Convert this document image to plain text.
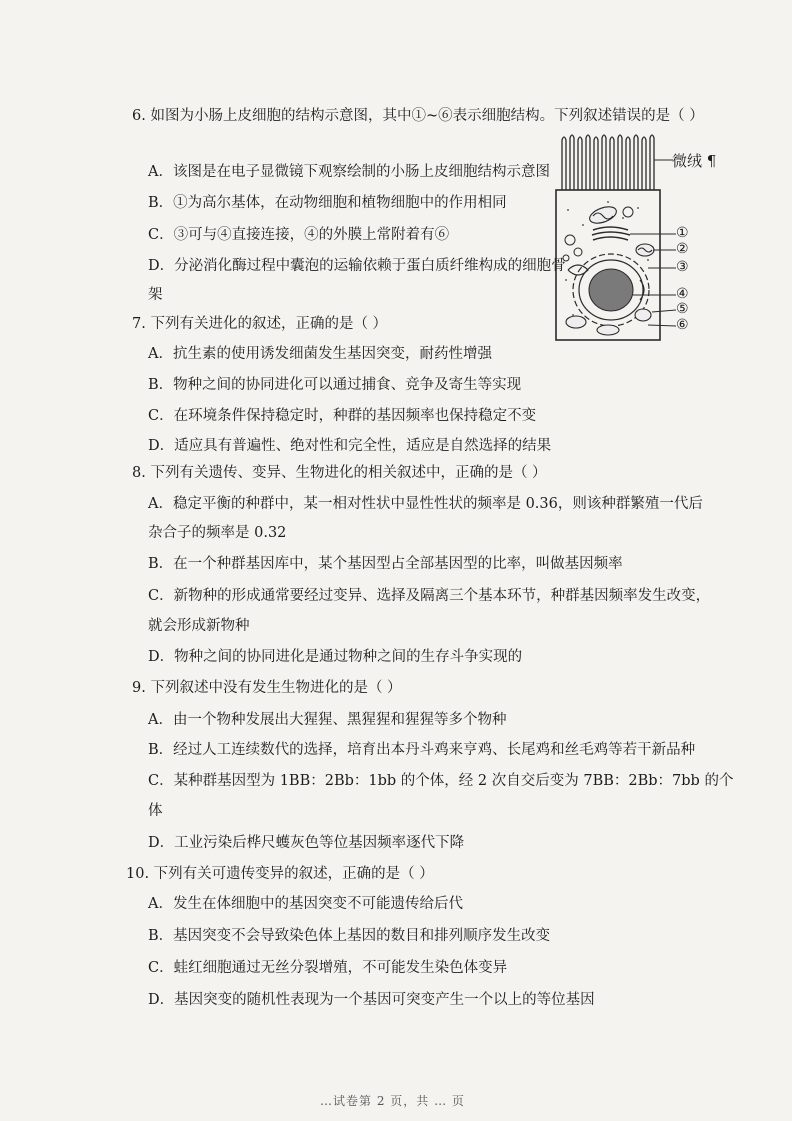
6. 如图为小肠上皮细胞的结构示意图，其中①~⑥表示细胞结构。下列叙述错误的是（ ）
A．该图是在电子显微镜下观察绘制的小肠上皮细胞结构示意图
B．①为高尔基体，在动物细胞和植物细胞中的作用相同
C．③可与④直接连接，④的外膜上常附着有⑥
D．分泌消化酶过程中囊泡的运输依赖于蛋白质纤维构成的细胞骨
架
微绒 ¶
①
②
③
④
⑤
⑥
7. 下列有关进化的叙述，正确的是（ ）
A．抗生素的使用诱发细菌发生基因突变，耐药性增强
B．物种之间的协同进化可以通过捕食、竞争及寄生等实现
C．在环境条件保持稳定时，种群的基因频率也保持稳定不变
D．适应具有普遍性、绝对性和完全性，适应是自然选择的结果
8. 下列有关遗传、变异、生物进化的相关叙述中，正确的是（ ）
A．稳定平衡的种群中，某一相对性状中显性性状的频率是 0.36，则该种群繁殖一代后
杂合子的频率是 0.32
B．在一个种群基因库中，某个基因型占全部基因型的比率，叫做基因频率
C．新物种的形成通常要经过变异、选择及隔离三个基本环节，种群基因频率发生改变，
就会形成新物种
D．物种之间的协同进化是通过物种之间的生存斗争实现的
9. 下列叙述中没有发生生物进化的是（ ）
A．由一个物种发展出大猩猩、黑猩猩和猩猩等多个物种
B．经过人工连续数代的选择，培育出本丹斗鸡来亨鸡、长尾鸡和丝毛鸡等若干新品种
C．某种群基因型为 1BB：2Bb：1bb 的个体，经 2 次自交后变为 7BB：2Bb：7bb 的个
体
D．工业污染后桦尺蠖灰色等位基因频率逐代下降
10. 下列有关可遗传变异的叙述，正确的是（ ）
A．发生在体细胞中的基因突变不可能遗传给后代
B．基因突变不会导致染色体上基因的数目和排列顺序发生改变
C．蛙红细胞通过无丝分裂增殖，不可能发生染色体变异
D．基因突变的随机性表现为一个基因可突变产生一个以上的等位基因
…试卷第 2 页，共 … 页
